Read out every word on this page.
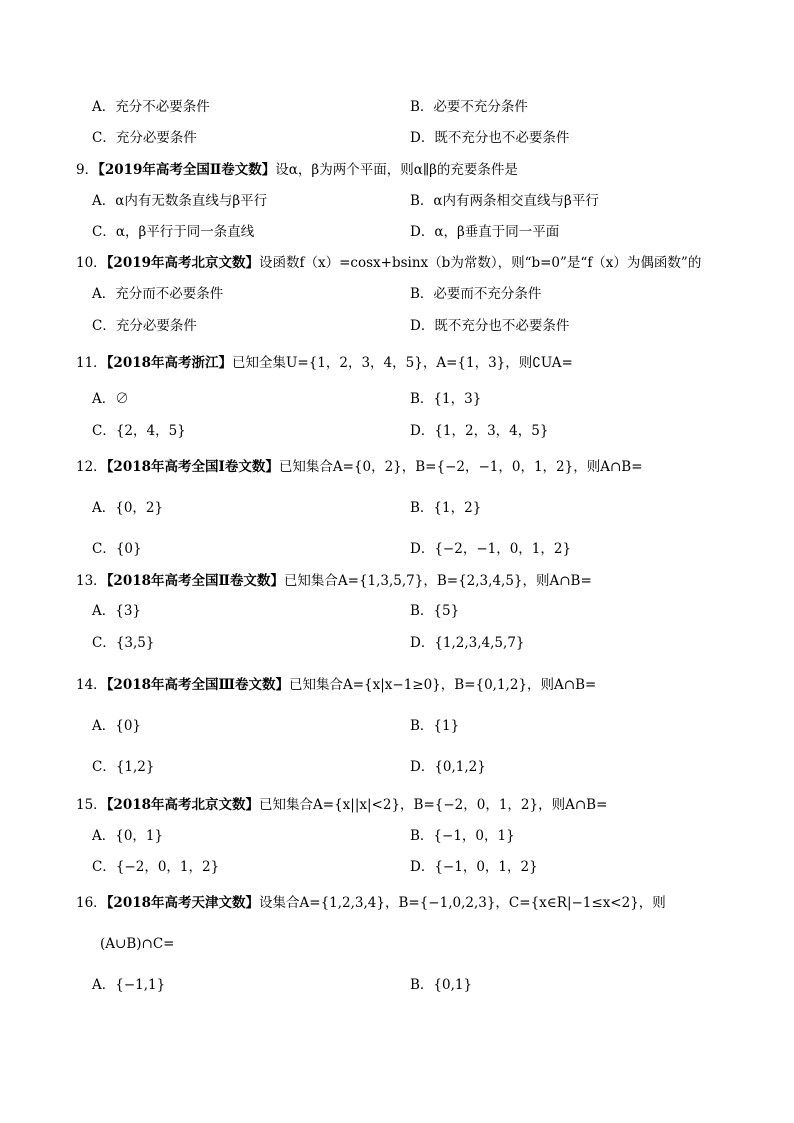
A．充分不必要条件	B．必要不充分条件
C．充分必要条件	D．既不充分也不必要条件
9．【2019年高考全国Ⅱ卷文数】设α，β为两个平面，则α∥β的充要条件是
A．α内有无数条直线与β平行	B．α内有两条相交直线与β平行
C．α，β平行于同一条直线	D．α，β垂直于同一平面
10．【2019年高考北京文数】设函数f（x）=cosx+bsinx（b为常数），则“b=0”是“f（x）为偶函数”的
A．充分而不必要条件	B．必要而不充分条件
C．充分必要条件	D．既不充分也不必要条件
11．【2018年高考浙江】已知全集U={1，2，3，4，5}，A={1，3}，则∁UA=
A．∅	B．{1，3}
C．{2，4，5}	D．{1，2，3，4，5}
12．【2018年高考全国Ⅰ卷文数】已知集合A={0，2}，B={−2，−1，0，1，2}，则A∩B=
A．{0，2}	B．{1，2}
C．{0}	D．{−2，−1，0，1，2}
13．【2018年高考全国Ⅱ卷文数】已知集合A={1,3,5,7}，B={2,3,4,5}，则A∩B=
A．{3}	B．{5}
C．{3,5}	D．{1,2,3,4,5,7}
14．【2018年高考全国Ⅲ卷文数】已知集合A={x|x−1≥0}，B={0,1,2}，则A∩B=
A．{0}	B．{1}
C．{1,2}	D．{0,1,2}
15．【2018年高考北京文数】已知集合A={x||x|<2}，B={−2，0，1，2}，则A∩B=
A．{0，1}	B．{−1，0，1}
C．{−2，0，1，2}	D．{−1，0，1，2}
16．【2018年高考天津文数】设集合A={1,2,3,4}，B={−1,0,2,3}，C={x∈R|−1≤x<2}，则
(A∪B)∩C=
A．{−1,1}	B．{0,1}
